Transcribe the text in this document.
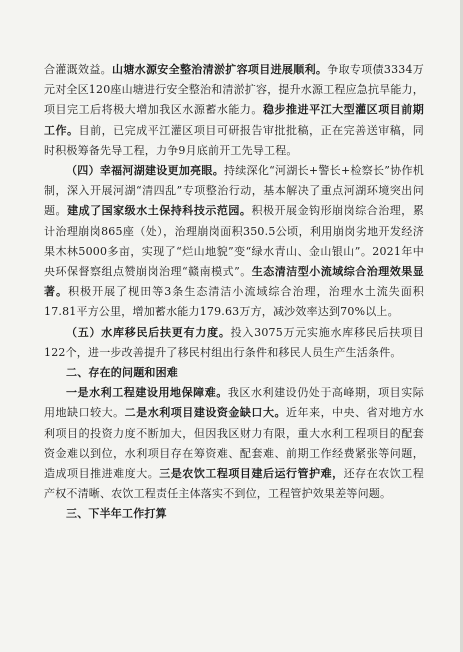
合灌溉效益。山塘水源安全整治清淤扩容项目进展顺利。争取专项债3334万元对全区120座山塘进行安全整治和清淤扩容，提升水源工程应急抗旱能力，项目完工后将极大增加我区水源蓄水能力。稳步推进平江大型灌区项目前期工作。目前，已完成平江灌区项目可研报告审批批稿，正在完善送审稿，同时积极筹备先导工程，力争9月底前开工先导工程。

（四）幸福河湖建设更加亮眼。持续深化“河湖长+警长+检察长”协作机制，深入开展河湖“清四乱”专项整治行动，基本解决了重点河湖环境突出问题。建成了国家级水土保持科技示范园。积极开展金钩形崩岗综合治理，累计治理崩岗865座（处），治理崩岗面积350.5公顷，利用崩岗劣地开发经济果木林5000多亩，实现了“烂山地貌”变“绿水青山、金山银山”。2021年中央环保督察组点赞崩岗治理“赣南模式”。生态清洁型小流域综合治理效果显著。积极开展了枧田等3条生态清洁小流域综合治理，治理水土流失面积17.81平方公里，增加蓄水能力179.63万方，减沙效率达到70%以上。

（五）水库移民后扶更有力度。投入3075万元实施水库移民后扶项目122个，进一步改善提升了移民村组出行条件和移民人员生产生活条件。

二、存在的问题和困难

一是水利工程建设用地保障难。我区水利建设仍处于高峰期，项目实际用地缺口较大。二是水利项目建设资金缺口大。近年来，中央、省对地方水利项目的投资力度不断加大，但因我区财力有限，重大水利工程项目的配套资金难以到位，水利项目存在筹资难、配套难、前期工作经费紧张等问题，造成项目推进难度大。三是农饮工程项目建后运行管护难，还存在农饮工程产权不清晰、农饮工程责任主体落实不到位，工程管护效果差等问题。

三、下半年工作打算
